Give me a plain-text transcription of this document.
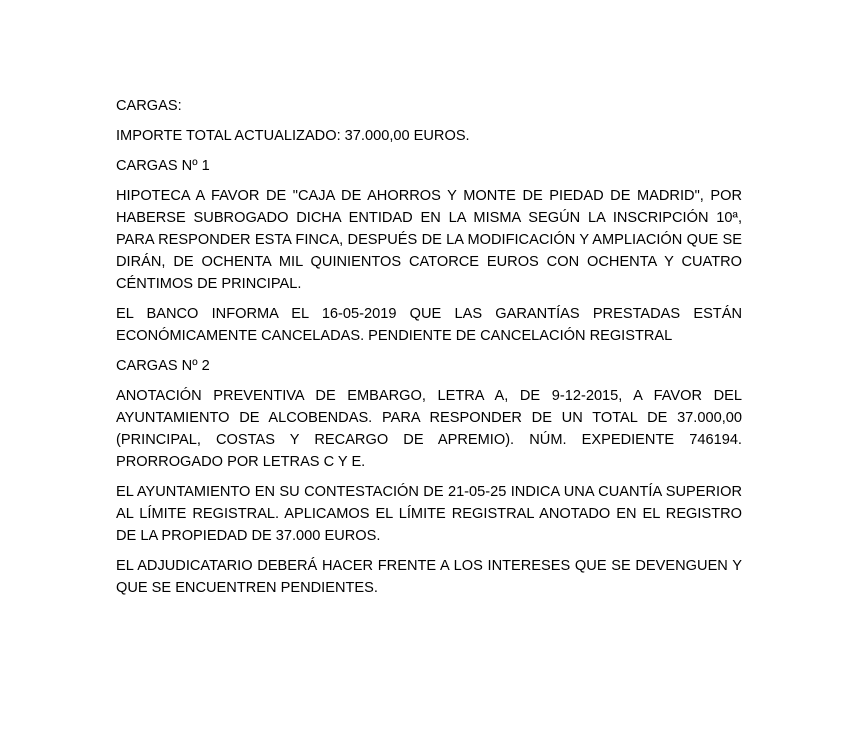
CARGAS:

IMPORTE TOTAL ACTUALIZADO: 37.000,00 EUROS.

CARGAS Nº 1

HIPOTECA A FAVOR DE "CAJA DE AHORROS Y MONTE DE PIEDAD DE MADRID", POR HABERSE SUBROGADO DICHA ENTIDAD EN LA MISMA SEGÚN LA INSCRIPCIÓN 10ª, PARA RESPONDER ESTA FINCA, DESPUÉS DE LA MODIFICACIÓN Y AMPLIACIÓN QUE SE DIRÁN, DE OCHENTA MIL QUINIENTOS CATORCE EUROS CON OCHENTA Y CUATRO CÉNTIMOS DE PRINCIPAL.

EL BANCO INFORMA EL 16-05-2019 QUE LAS GARANTÍAS PRESTADAS ESTÁN ECONÓMICAMENTE CANCELADAS. PENDIENTE DE CANCELACIÓN REGISTRAL

CARGAS Nº 2

ANOTACIÓN PREVENTIVA DE EMBARGO, LETRA A, DE 9-12-2015, A FAVOR DEL AYUNTAMIENTO DE ALCOBENDAS. PARA RESPONDER DE UN TOTAL DE 37.000,00 (PRINCIPAL, COSTAS Y RECARGO DE APREMIO). NÚM. EXPEDIENTE 746194. PRORROGADO POR LETRAS C Y E.

EL AYUNTAMIENTO EN SU CONTESTACIÓN DE 21-05-25 INDICA UNA CUANTÍA SUPERIOR AL LÍMITE REGISTRAL. APLICAMOS EL LÍMITE REGISTRAL ANOTADO EN EL REGISTRO DE LA PROPIEDAD DE 37.000 EUROS.

EL ADJUDICATARIO DEBERÁ HACER FRENTE A LOS INTERESES QUE SE DEVENGUEN Y QUE SE ENCUENTREN PENDIENTES.
